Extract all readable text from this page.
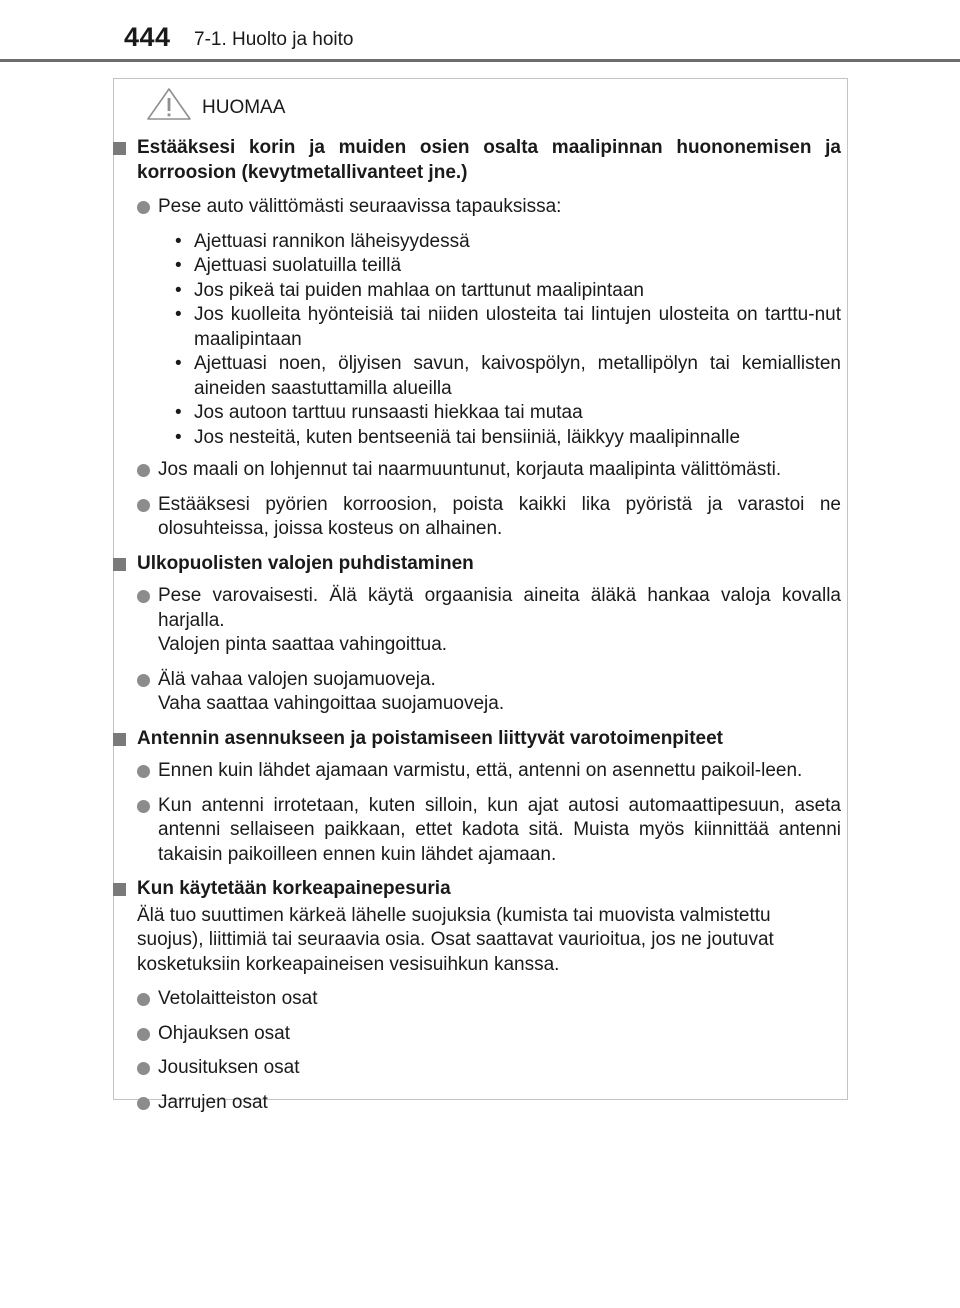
444 7-1. Huolto ja hoito
HUOMAA
Estääksesi korin ja muiden osien osalta maalipinnan huononemisen ja korroosion (kevytmetallivanteet jne.)
Pese auto välittömästi seuraavissa tapauksissa:
• Ajettuasi rannikon läheisyydessä
• Ajettuasi suolatuilla teillä
• Jos pikeä tai puiden mahlaa on tarttunut maalipintaan
• Jos kuolleita hyönteisiä tai niiden ulosteita tai lintujen ulosteita on tarttu-nut maalipintaan
• Ajettuasi noen, öljyisen savun, kaivospölyn, metallipölyn tai kemiallisten aineiden saastuttamilla alueilla
• Jos autoon tarttuu runsaasti hiekkaa tai mutaa
• Jos nesteitä, kuten bentseeniä tai bensiiniä, läikkyy maalipinnalle
Jos maali on lohjennut tai naarmuuntunut, korjauta maalipinta välittömästi.
Estääksesi pyörien korroosion, poista kaikki lika pyöristä ja varastoi ne olosuhteissa, joissa kosteus on alhainen.
Ulkopuolisten valojen puhdistaminen
Pese varovaisesti. Älä käytä orgaanisia aineita äläkä hankaa valoja kovalla harjalla.
Valojen pinta saattaa vahingoittua.
Älä vahaa valojen suojamuoveja.
Vaha saattaa vahingoittaa suojamuoveja.
Antennin asennukseen ja poistamiseen liittyvät varotoimenpiteet
Ennen kuin lähdet ajamaan varmistu, että, antenni on asennettu paikoil-leen.
Kun antenni irrotetaan, kuten silloin, kun ajat autosi automaattipesuun, aseta antenni sellaiseen paikkaan, ettet kadota sitä. Muista myös kiinnittää antenni takaisin paikoilleen ennen kuin lähdet ajamaan.
Kun käytetään korkeapainepesuria
Älä tuo suuttimen kärkeä lähelle suojuksia (kumista tai muovista valmistettu suojus), liittimiä tai seuraavia osia. Osat saattavat vaurioitua, jos ne joutuvat kosketuksiin korkeapaineisen vesisuihkun kanssa.
Vetolaitteiston osat
Ohjauksen osat
Jousituksen osat
Jarrujen osat
